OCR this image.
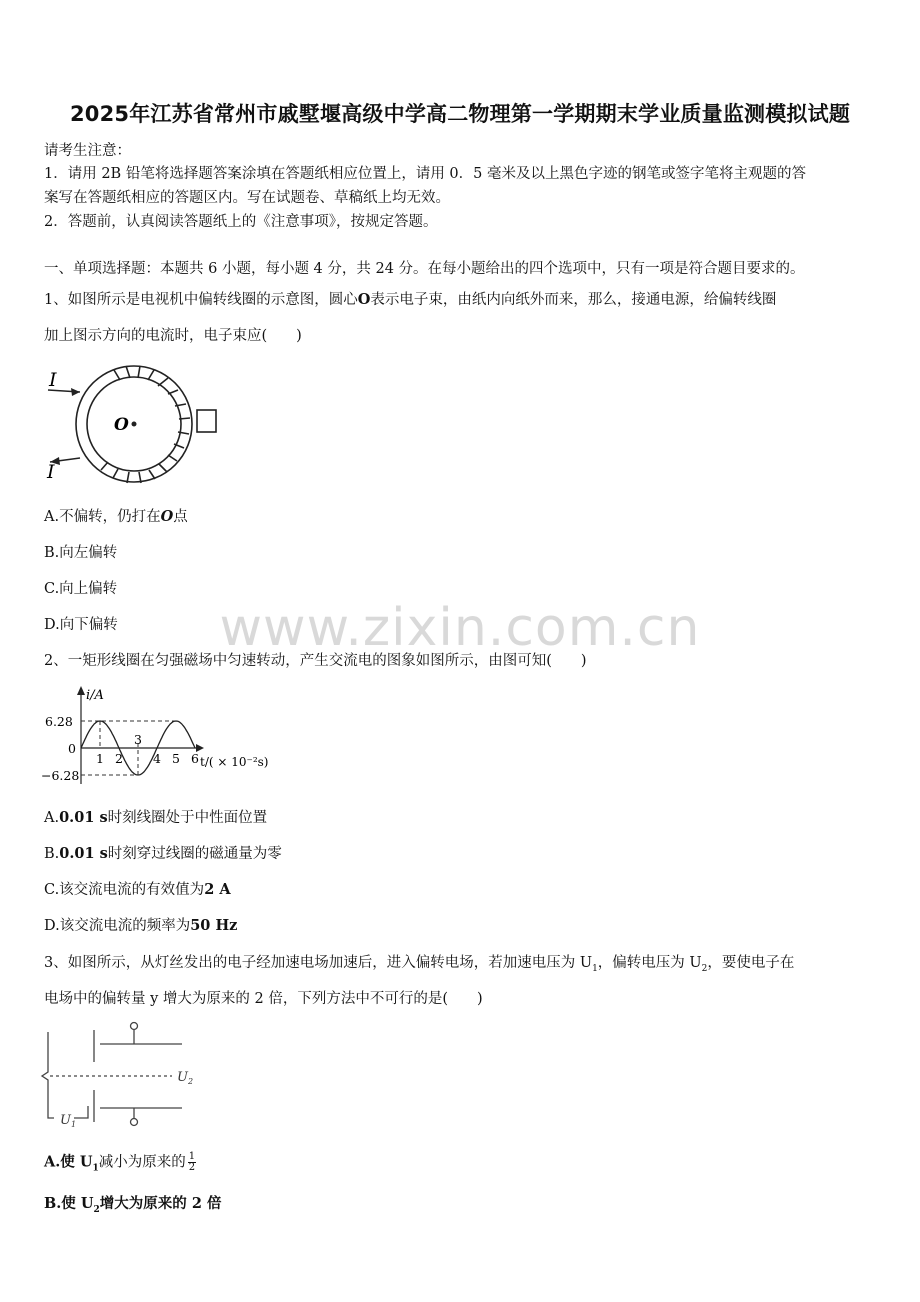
2025年江苏省常州市戚墅堰高级中学高二物理第一学期期末学业质量监测模拟试题
www.zixin.com.cn
请考生注意：
1．请用 2B 铅笔将选择题答案涂填在答题纸相应位置上，请用 0．5 毫米及以上黑色字迹的钢笔或签字笔将主观题的答
案写在答题纸相应的答题区内。写在试题卷、草稿纸上均无效。
2．答题前，认真阅读答题纸上的《注意事项》，按规定答题。
一、单项选择题：本题共 6 小题，每小题 4 分，共 24 分。在每小题给出的四个选项中，只有一项是符合题目要求的。
1、如图所示是电视机中偏转线圈的示意图，圆心O表示电子束，由纸内向纸外而来，那么，接通电源，给偏转线圈
加上图示方向的电流时，电子束应(　　)
I
I
O
A.不偏转，仍打在O点
B.向左偏转
C.向上偏转
D.向下偏转
2、一矩形线圈在匀强磁场中匀速转动，产生交流电的图象如图所示，由图可知(　　)
i/A
6.28
0
−6.28
1 2
3
4 5 6 t/( × 10⁻²s)
A.0.01 s时刻线圈处于中性面位置
B.0.01 s时刻穿过线圈的磁通量为零
C.该交流电流的有效值为2 A
D.该交流电流的频率为50 Hz
3、如图所示，从灯丝发出的电子经加速电场加速后，进入偏转电场，若加速电压为 $U_1$，偏转电压为 $U_2$，要使电子在
电场中的偏转量 y 增大为原来的 2 倍，下列方法中不可行的是(　　)
$U_2$
$U_1$
A.使 $U_1$减小为原来的 $\frac{1}{2}$
B.使 $U_2$增大为原来的 2 倍
